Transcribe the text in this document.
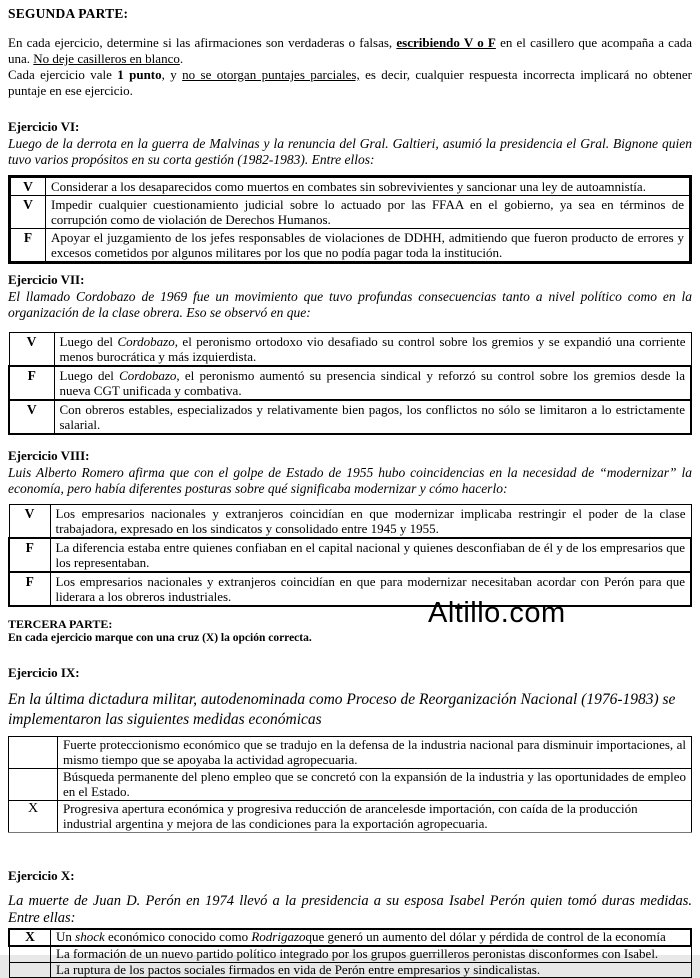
SEGUNDA PARTE:
En cada ejercicio, determine si las afirmaciones son verdaderas o falsas, escribiendo V o F en el casillero que acompaña a cada una. No deje casilleros en blanco.
Cada ejercicio vale 1 punto, y no se otorgan puntajes parciales, es decir, cualquier respuesta incorrecta implicará no obtener puntaje en ese ejercicio.
Ejercicio VI:
Luego de la derrota en la guerra de Malvinas y la renuncia del Gral. Galtieri, asumió la presidencia el Gral. Bignone quien tuvo varios propósitos en su corta gestión (1982-1983). Entre ellos:
V	Considerar a los desaparecidos como muertos en combates sin sobrevivientes y sancionar una ley de autoamnistía.
V	Impedir cualquier cuestionamiento judicial sobre lo actuado por las FFAA en el gobierno, ya sea en términos de corrupción como de violación de Derechos Humanos.
F	Apoyar el juzgamiento de los jefes responsables de violaciones de DDHH, admitiendo que fueron producto de errores y excesos cometidos por algunos militares por los que no podía pagar toda la institución.
Ejercicio VII:
El llamado Cordobazo de 1969 fue un movimiento que tuvo profundas consecuencias tanto a nivel político como en la organización de la clase obrera. Eso se observó en que:
V	Luego del Cordobazo, el peronismo ortodoxo vio desafiado su control sobre los gremios y se expandió una corriente menos burocrática y más izquierdista.
F	Luego del Cordobazo, el peronismo aumentó su presencia sindical y reforzó su control sobre los gremios desde la nueva CGT unificada y combativa.
V	Con obreros estables, especializados y relativamente bien pagos, los conflictos no sólo se limitaron a lo estrictamente salarial.
Ejercicio VIII:
Luis Alberto Romero afirma que con el golpe de Estado de 1955 hubo coincidencias en la necesidad de “modernizar” la economía, pero había diferentes posturas sobre qué significaba modernizar y cómo hacerlo:
V	Los empresarios nacionales y extranjeros coincidían en que modernizar implicaba restringir el poder de la clase trabajadora, expresado en los sindicatos y consolidado entre 1945 y 1955.
F	La diferencia estaba entre quienes confiaban en el capital nacional y quienes desconfiaban de él y de los empresarios que los representaban.
F	Los empresarios nacionales y extranjeros coincidían en que para modernizar necesitaban acordar con Perón para que liderara a los obreros industriales.
TERCERA PARTE:
En cada ejercicio marque con una cruz (X) la opción correcta.
Altillo.com
Ejercicio IX:
En la última dictadura militar, autodenominada como Proceso de Reorganización Nacional (1976-1983) se implementaron las siguientes medidas económicas
	Fuerte proteccionismo económico que se tradujo en la defensa de la industria nacional para disminuir importaciones, al mismo tiempo que se apoyaba la actividad agropecuaria.
	Búsqueda permanente del pleno empleo que se concretó con la expansión de la industria y las oportunidades de empleo en el Estado.
X	Progresiva apertura económica y progresiva reducción de arancelesde importación, con caída de la producción industrial argentina y mejora de las condiciones para la exportación agropecuaria.
Ejercicio X:
La muerte de Juan D. Perón en 1974 llevó a la presidencia a su esposa Isabel Perón quien tomó duras medidas. Entre ellas:
X	Un shock económico conocido como Rodrigazoque generó un aumento del dólar y pérdida de control de la economía
	La formación de un nuevo partido político integrado por los grupos guerrilleros peronistas disconformes con Isabel.
	La ruptura de los pactos sociales firmados en vida de Perón entre empresarios y sindicalistas.
